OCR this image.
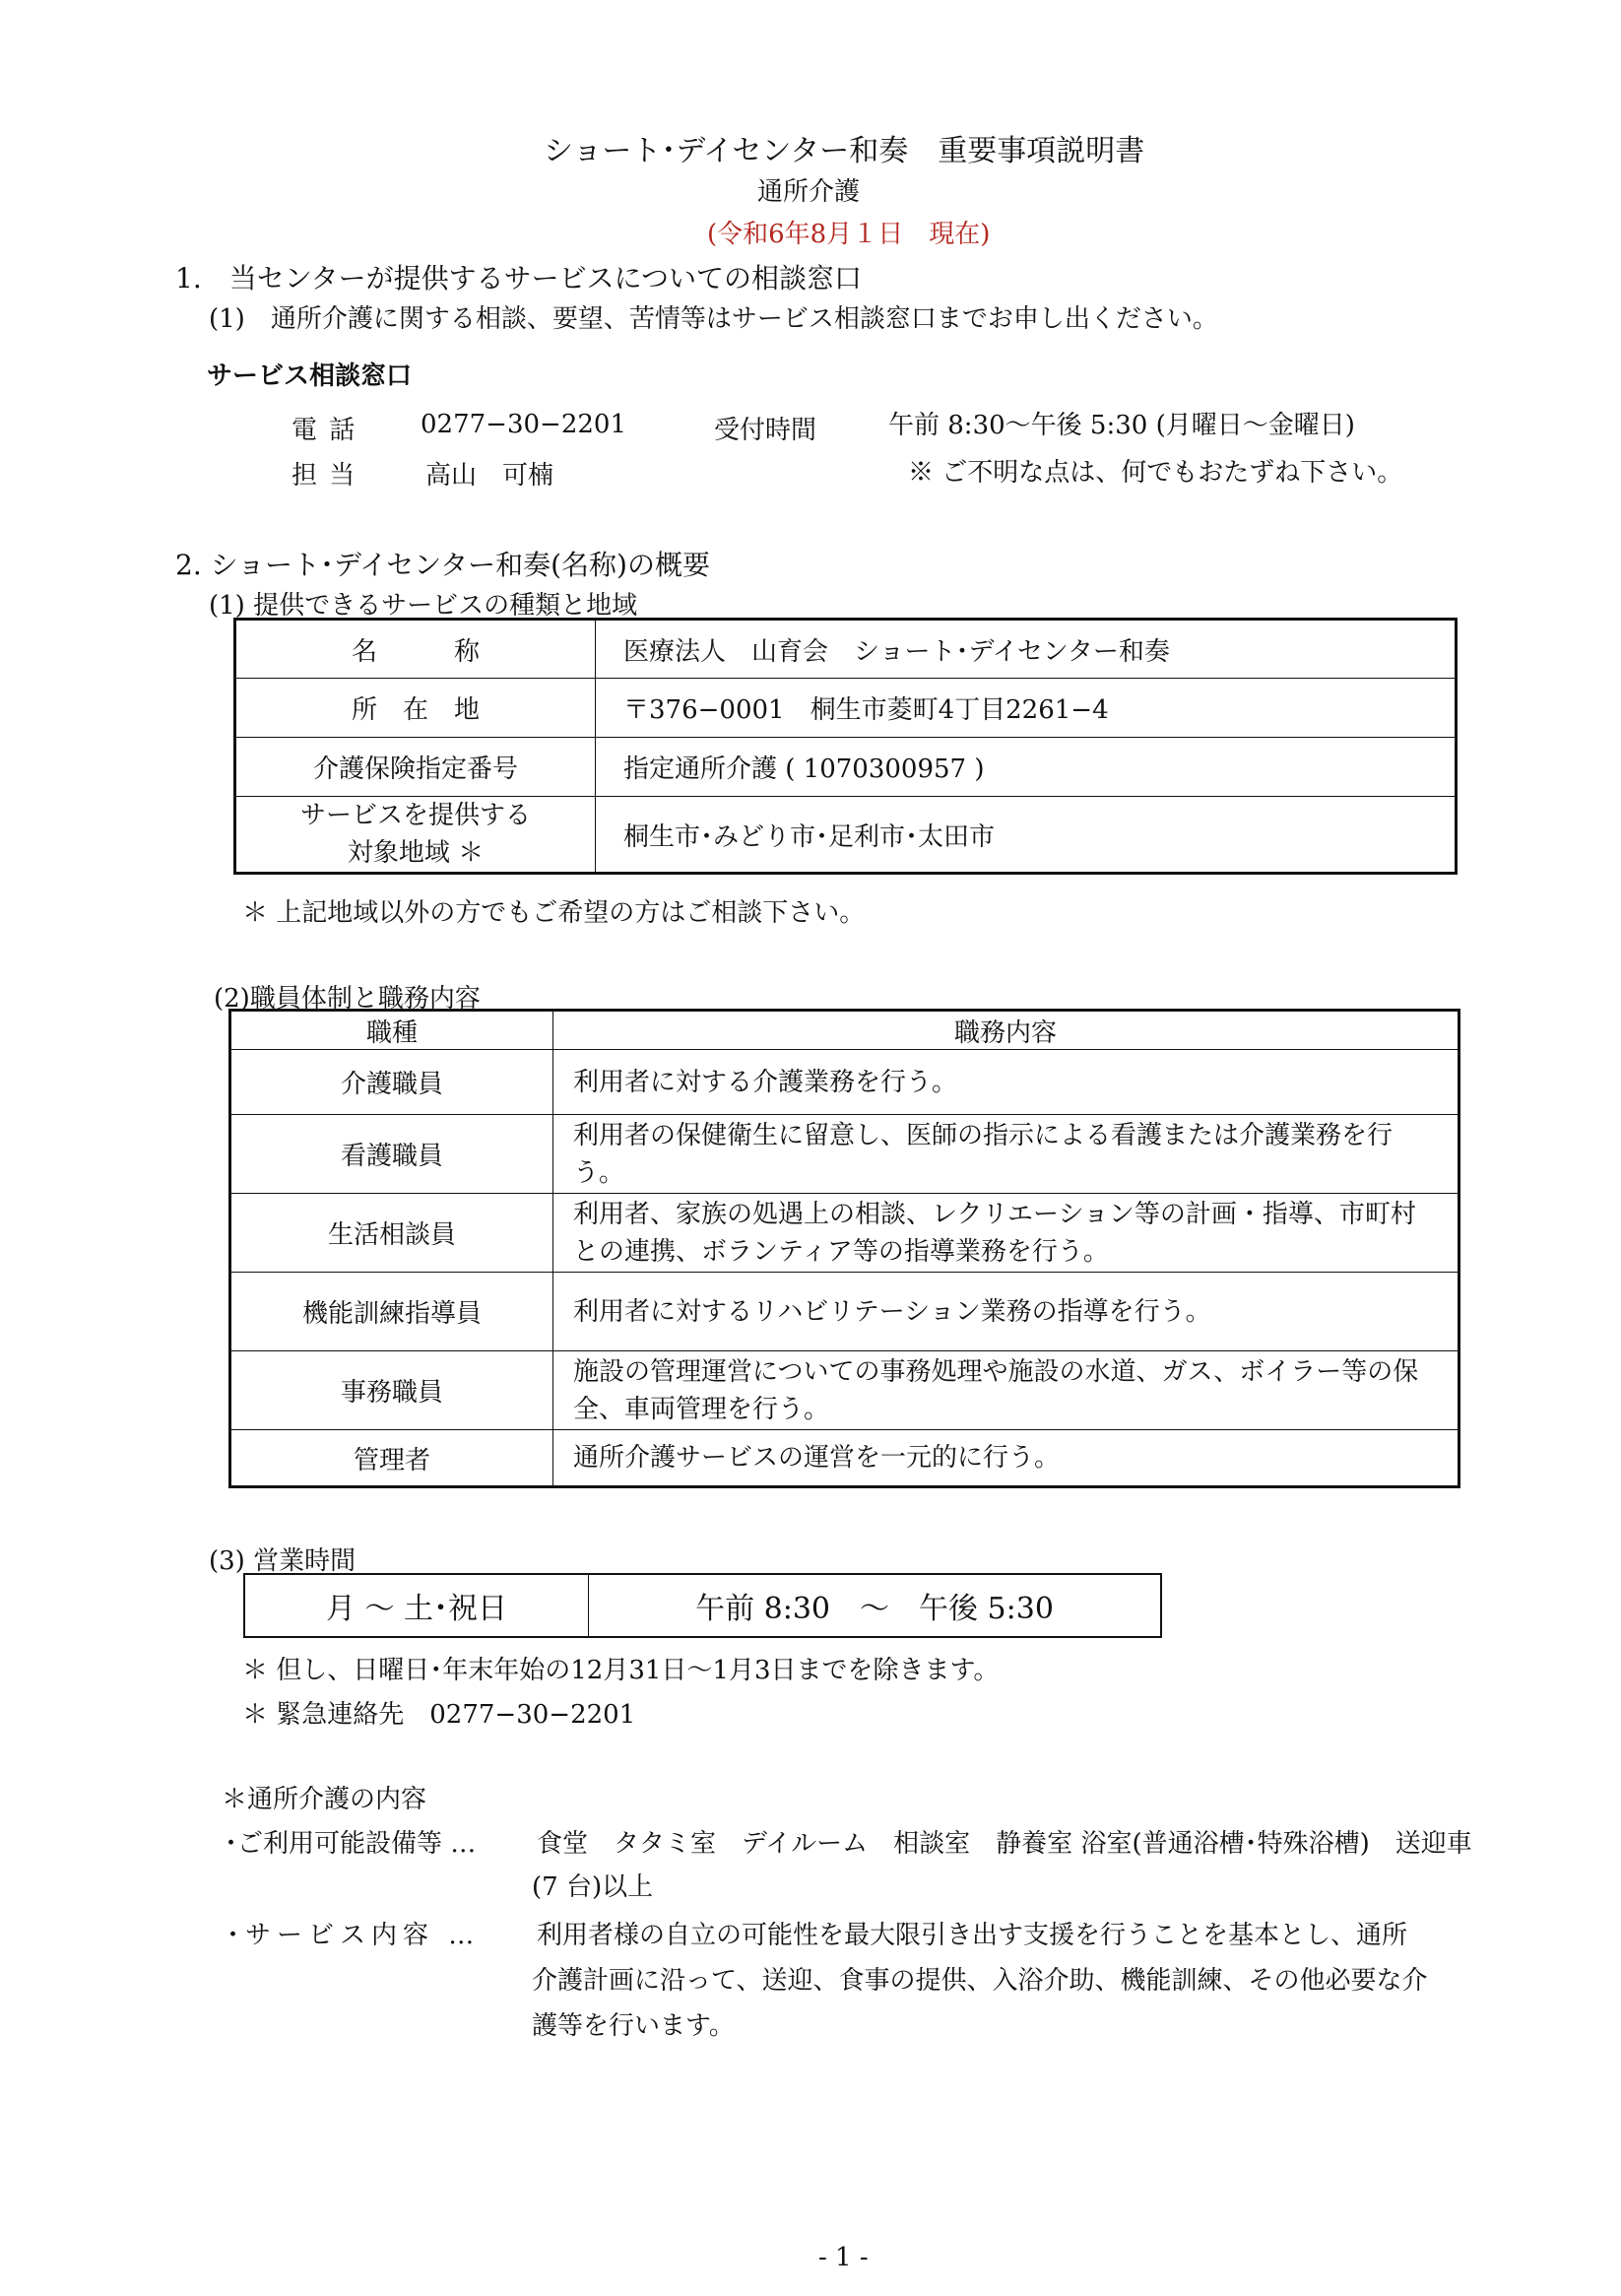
ショート･デイセンター和奏　重要事項説明書
通所介護
(令和6年8月１日　現在)
1.　当センターが提供するサービスについての相談窓口
(1)　通所介護に関する相談、要望、苦情等はサービス相談窓口までお申し出ください。
サービス相談窓口
電 話 0277−30−2201	受付時間	午前 8:30〜午後 5:30 (月曜日〜金曜日)
担 当	高山　可楠	※ ご不明な点は、何でもおたずね下さい。
2. ショート･デイセンター和奏(名称)の概要
(1) 提供できるサービスの種類と地域
名　　　称	医療法人　山育会　ショート･デイセンター和奏
所　在　地	〒376−0001　桐生市菱町4丁目2261−4
介護保険指定番号	指定通所介護 ( 1070300957 )
サービスを提供する対象地域 ＊	桐生市･みどり市･足利市･太田市
＊ 上記地域以外の方でもご希望の方はご相談下さい。
(2)職員体制と職務内容
職種	職務内容
介護職員	利用者に対する介護業務を行う。
看護職員	利用者の保健衛生に留意し、医師の指示による看護または介護業務を行う。
生活相談員	利用者、家族の処遇上の相談、レクリエーション等の計画・指導、市町村との連携、ボランティア等の指導業務を行う。
機能訓練指導員	利用者に対するリハビリテーション業務の指導を行う。
事務職員	施設の管理運営についての事務処理や施設の水道、ガス、ボイラー等の保全、車両管理を行う。
管理者	通所介護サービスの運営を一元的に行う。
(3) 営業時間
月 〜 土･祝日	午前 8:30　〜　午後 5:30
＊ 但し、日曜日･年末年始の12月31日〜1月3日までを除きます。
＊ 緊急連絡先　0277−30−2201
＊通所介護の内容
･ご利用可能設備等 … 食堂　タタミ室　デイルーム　相談室　静養室 浴室(普通浴槽･特殊浴槽)　送迎車
(7 台)以上
･サービス内容 … 利用者様の自立の可能性を最大限引き出す支援を行うことを基本とし、通所
介護計画に沿って、送迎、食事の提供、入浴介助、機能訓練、その他必要な介
護等を行います。
- 1 -
